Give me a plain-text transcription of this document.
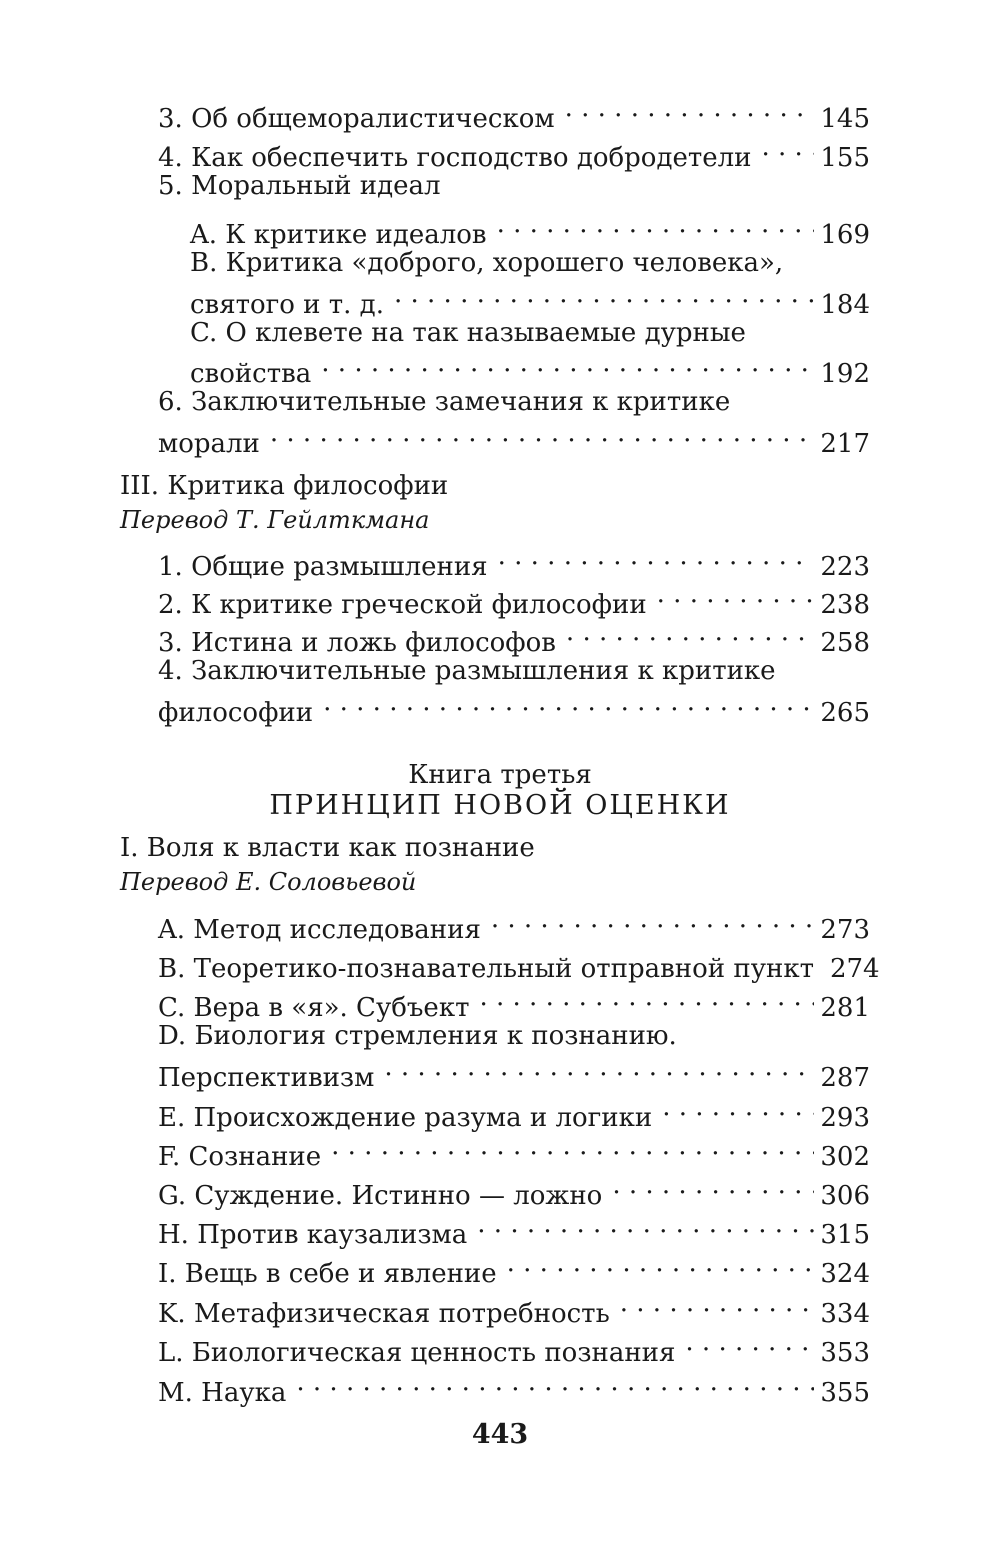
3. Об общеморалистическом . . .	145
4. Как обеспечить господство добродетели . . .	155
5. Моральный идеал
A. К критике идеалов . . .	169
B. Критика «доброго, хорошего человека»,
святого и т. д. . . .	184
C. О клевете на так называемые дурные
свойства . . .	192
6. Заключительные замечания к критике
морали . . .	217
III. Критика философии
Перевод Т. Гейлткмана
1. Общие размышления . . .	223
2. К критике греческой философии . . .	238
3. Истина и ложь философов . . .	258
4. Заключительные размышления к критике
философии . . .	265
Книга третья
ПРИНЦИП НОВОЙ ОЦЕНКИ
I. Воля к власти как познание
Перевод Е. Соловьевой
A. Метод исследования . . .	273
B. Теоретико-познавательный отправной пункт 274
C. Вера в «я». Субъект . . .	281
D. Биология стремления к познанию.
Перспективизм . . .	287
E. Происхождение разума и логики . . .	293
F. Сознание . . .	302
G. Суждение. Истинно — ложно . . .	306
H. Против каузализма . . .	315
I. Вещь в себе и явление . . .	324
K. Метафизическая потребность . . .	334
L. Биологическая ценность познания . . .	353
M. Наука . . .	355
443
